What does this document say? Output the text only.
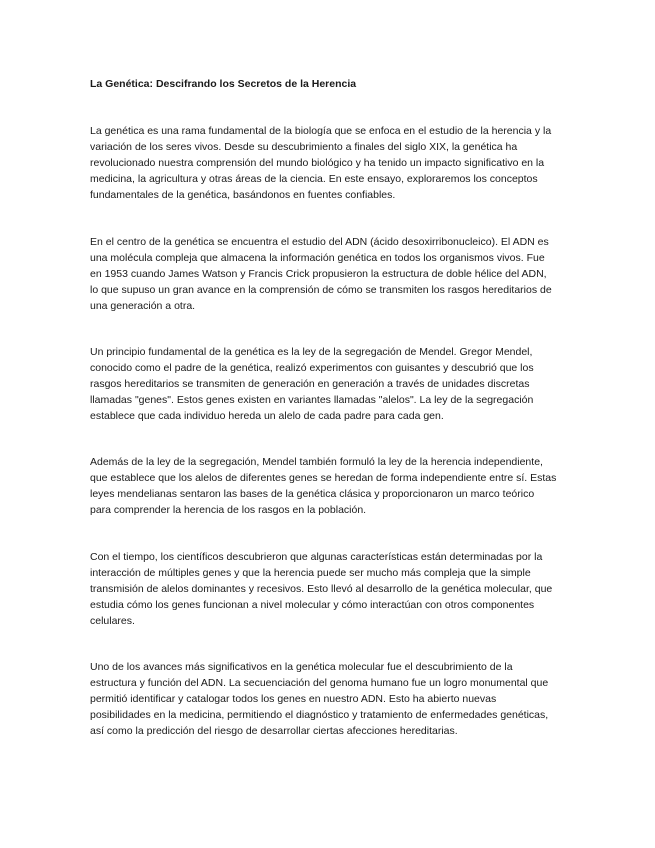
La Genética: Descifrando los Secretos de la Herencia

La genética es una rama fundamental de la biología que se enfoca en el estudio de la herencia y la
variación de los seres vivos. Desde su descubrimiento a finales del siglo XIX, la genética ha
revolucionado nuestra comprensión del mundo biológico y ha tenido un impacto significativo en la
medicina, la agricultura y otras áreas de la ciencia. En este ensayo, exploraremos los conceptos
fundamentales de la genética, basándonos en fuentes confiables.

En el centro de la genética se encuentra el estudio del ADN (ácido desoxirribonucleico). El ADN es
una molécula compleja que almacena la información genética en todos los organismos vivos. Fue
en 1953 cuando James Watson y Francis Crick propusieron la estructura de doble hélice del ADN,
lo que supuso un gran avance en la comprensión de cómo se transmiten los rasgos hereditarios de
una generación a otra.

Un principio fundamental de la genética es la ley de la segregación de Mendel. Gregor Mendel,
conocido como el padre de la genética, realizó experimentos con guisantes y descubrió que los
rasgos hereditarios se transmiten de generación en generación a través de unidades discretas
llamadas "genes". Estos genes existen en variantes llamadas "alelos". La ley de la segregación
establece que cada individuo hereda un alelo de cada padre para cada gen.

Además de la ley de la segregación, Mendel también formuló la ley de la herencia independiente,
que establece que los alelos de diferentes genes se heredan de forma independiente entre sí. Estas
leyes mendelianas sentaron las bases de la genética clásica y proporcionaron un marco teórico
para comprender la herencia de los rasgos en la población.

Con el tiempo, los científicos descubrieron que algunas características están determinadas por la
interacción de múltiples genes y que la herencia puede ser mucho más compleja que la simple
transmisión de alelos dominantes y recesivos. Esto llevó al desarrollo de la genética molecular, que
estudia cómo los genes funcionan a nivel molecular y cómo interactúan con otros componentes
celulares.

Uno de los avances más significativos en la genética molecular fue el descubrimiento de la
estructura y función del ADN. La secuenciación del genoma humano fue un logro monumental que
permitió identificar y catalogar todos los genes en nuestro ADN. Esto ha abierto nuevas
posibilidades en la medicina, permitiendo el diagnóstico y tratamiento de enfermedades genéticas,
así como la predicción del riesgo de desarrollar ciertas afecciones hereditarias.
